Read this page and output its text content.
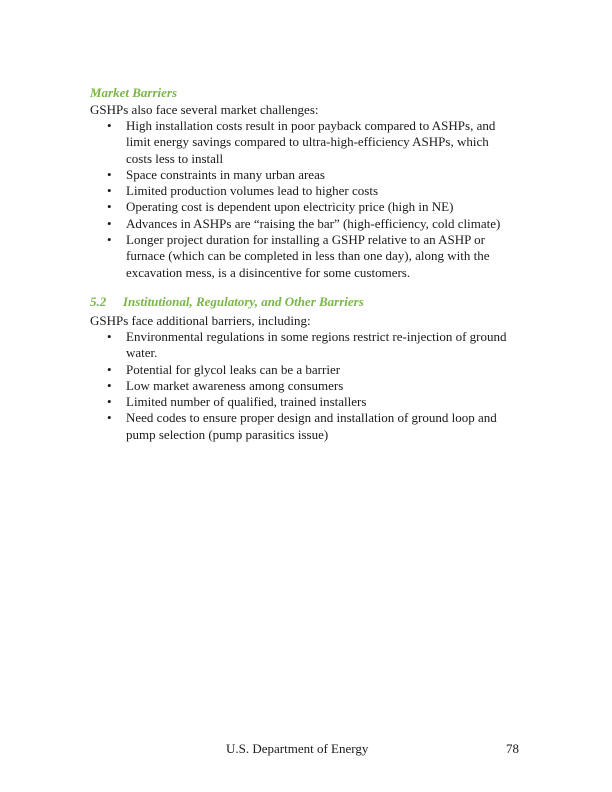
Market Barriers
GSHPs also face several market challenges:
• High installation costs result in poor payback compared to ASHPs, and
limit energy savings compared to ultra-high-efficiency ASHPs, which
costs less to install
• Space constraints in many urban areas
• Limited production volumes lead to higher costs
• Operating cost is dependent upon electricity price (high in NE)
• Advances in ASHPs are “raising the bar” (high-efficiency, cold climate)
• Longer project duration for installing a GSHP relative to an ASHP or
furnace (which can be completed in less than one day), along with the
excavation mess, is a disincentive for some customers.
5.2 Institutional, Regulatory, and Other Barriers
GSHPs face additional barriers, including:
• Environmental regulations in some regions restrict re-injection of ground
water.
• Potential for glycol leaks can be a barrier
• Low market awareness among consumers
• Limited number of qualified, trained installers
• Need codes to ensure proper design and installation of ground loop and
pump selection (pump parasitics issue)
U.S. Department of Energy	78
